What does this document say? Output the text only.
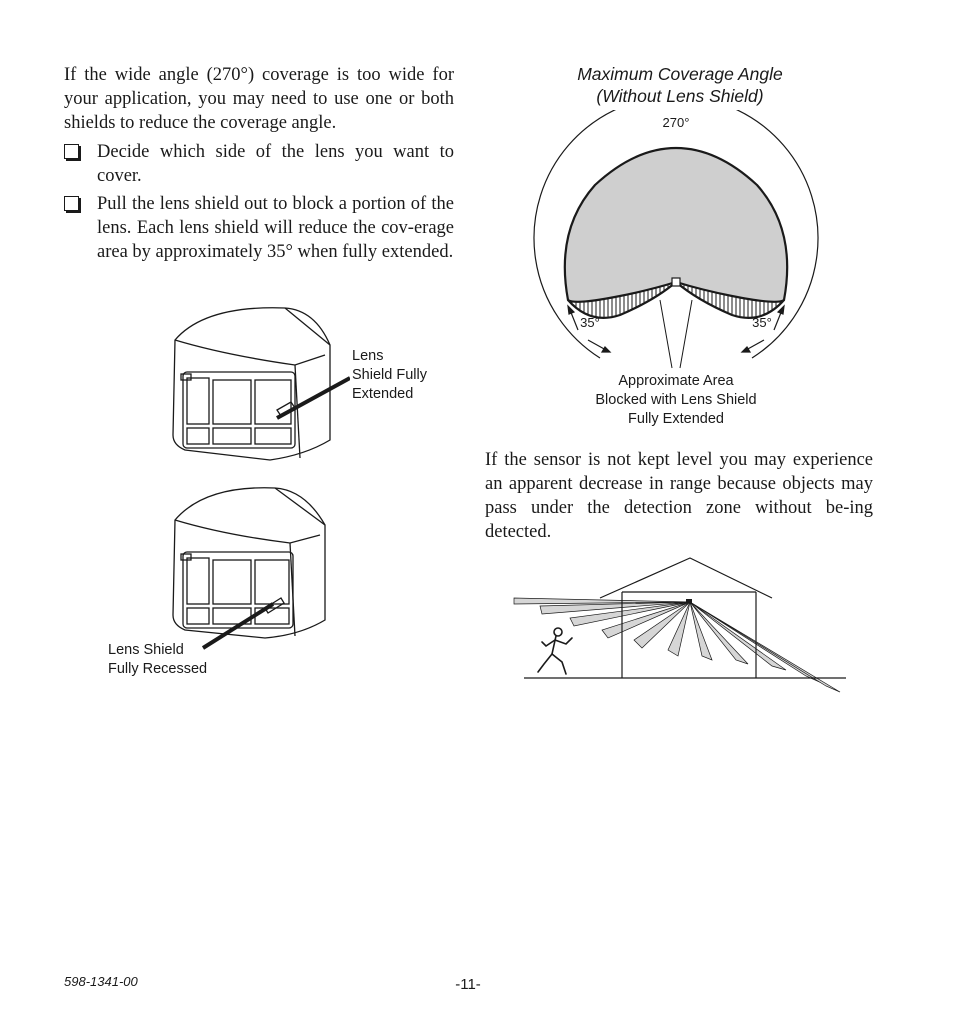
If the wide angle (270°) coverage is too wide for your application, you may need to use one or both shields to reduce the coverage angle.
Decide which side of the lens you want to cover.
Pull the lens shield out to block a portion of the lens. Each lens shield will reduce the cov-erage area by approximately 35° when fully extended.
Lens
Shield Fully
Extended
Lens Shield
Fully Recessed
Maximum Coverage Angle
(Without Lens Shield)
270°
35°	35°
Approximate Area
Blocked with Lens Shield
Fully Extended
If the sensor is not kept level you may experience an apparent decrease in range because objects may pass under the detection zone without be-ing detected.
598-1341-00	-11-
